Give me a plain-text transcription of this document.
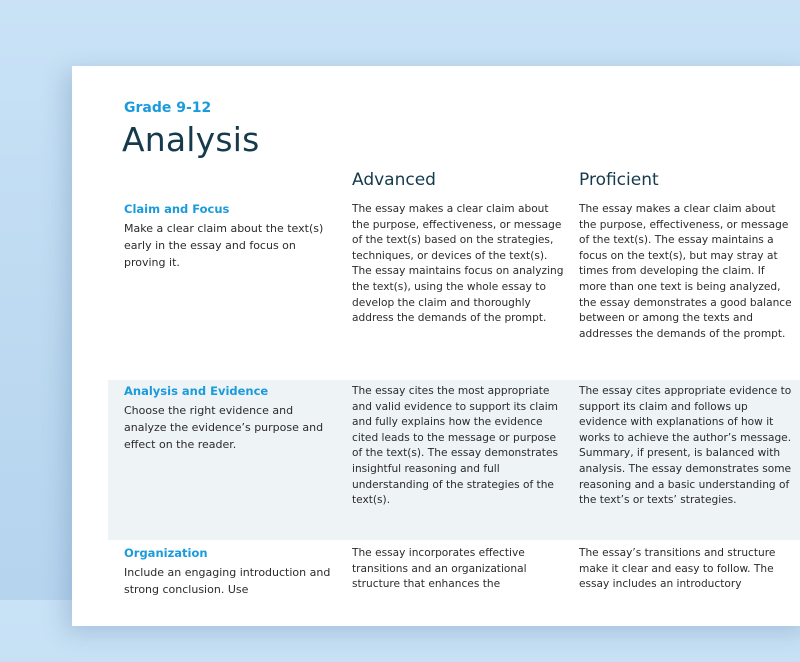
Grade 9-12
Analysis
Advanced	Proficient
Claim and Focus
Make a clear claim about the text(s) early in the essay and focus on proving it.
The essay makes a clear claim about the purpose, effectiveness, or message of the text(s) based on the strategies, techniques, or devices of the text(s). The essay maintains focus on analyzing the text(s), using the whole essay to develop the claim and thoroughly address the demands of the prompt.
The essay makes a clear claim about the purpose, effectiveness, or message of the text(s). The essay maintains a focus on the text(s), but may stray at times from developing the claim. If more than one text is being analyzed, the essay demonstrates a good balance between or among the texts and addresses the demands of the prompt.
Analysis and Evidence
Choose the right evidence and analyze the evidence’s purpose and effect on the reader.
The essay cites the most appropriate and valid evidence to support its claim and fully explains how the evidence cited leads to the message or purpose of the text(s). The essay demonstrates insightful reasoning and full understanding of the strategies of the text(s).
The essay cites appropriate evidence to support its claim and follows up evidence with explanations of how it works to achieve the author’s message. Summary, if present, is balanced with analysis. The essay demonstrates some reasoning and a basic understanding of the text’s or texts’ strategies.
Organization
Include an engaging introduction and strong conclusion. Use
The essay incorporates effective transitions and an organizational structure that enhances the
The essay’s transitions and structure make it clear and easy to follow. The essay includes an introductory
